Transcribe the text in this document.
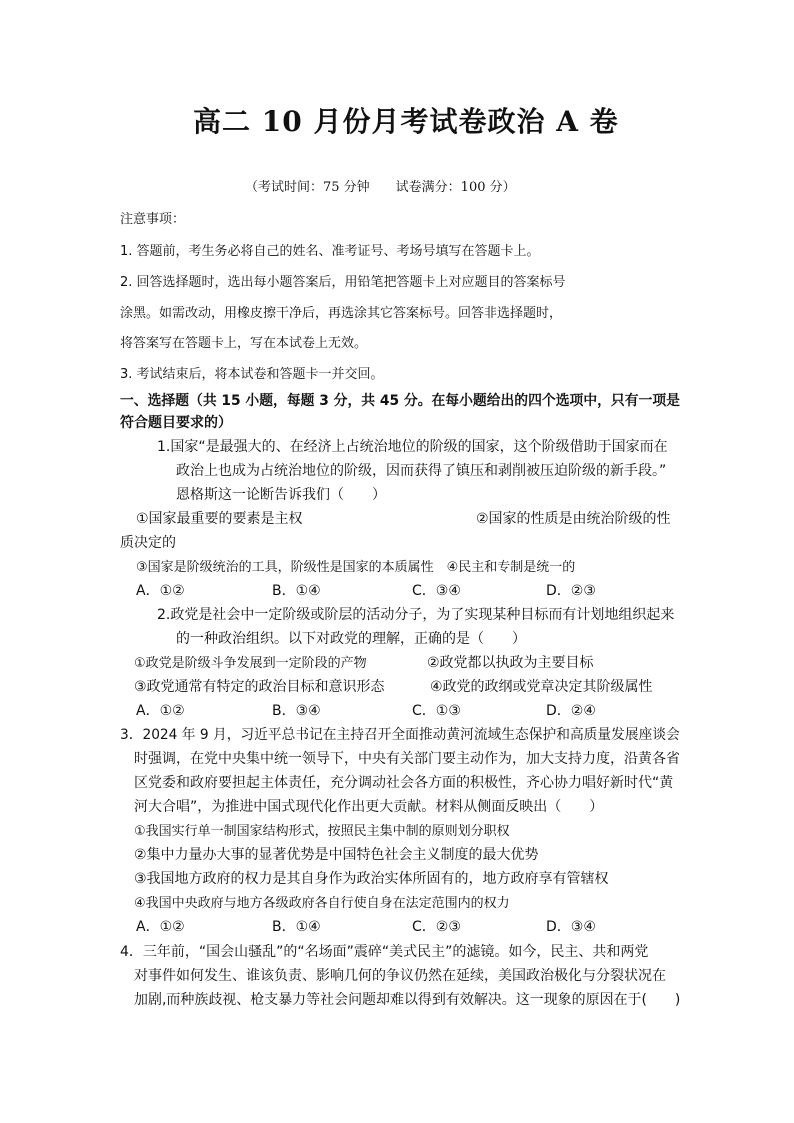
高二 10 月份月考试卷政治 A 卷
（考试时间：75 分钟　　试卷满分：100 分）
注意事项：
1. 答题前，考生务必将自己的姓名、准考证号、考场号填写在答题卡上。
2. 回答选择题时，选出每小题答案后，用铅笔把答题卡上对应题目的答案标号
涂黑。如需改动，用橡皮擦干净后，再选涂其它答案标号。回答非选择题时，
将答案写在答题卡上，写在本试卷上无效。
3. 考试结束后，将本试卷和答题卡一并交回。
一、选择题（共 15 小题，每题 3 分，共 45 分。在每小题给出的四个选项中，只有一项是
符合题目要求的）
1.国家“是最强大的、在经济上占统治地位的阶级的国家，这个阶级借助于国家而在
政治上也成为占统治地位的阶级，因而获得了镇压和剥削被压迫阶级的新手段。”
恩格斯这一论断告诉我们（　　）
①国家最重要的要素是主权	②国家的性质是由统治阶级的性
质决定的
③国家是阶级统治的工具，阶级性是国家的本质属性　④民主和专制是统一的
A．①②	B．①④	C．③④	D．②③
2.政党是社会中一定阶级或阶层的活动分子，为了实现某种目标而有计划地组织起来
的一种政治组织。以下对政党的理解，正确的是（　　）
①政党是阶级斗争发展到一定阶段的产物	②政党都以执政为主要目标
③政党通常有特定的政治目标和意识形态	④政党的政纲或党章决定其阶级属性
A．①②	B．③④	C．①③	D．②④
3．2024 年 9 月，习近平总书记在主持召开全面推动黄河流域生态保护和高质量发展座谈会
时强调，在党中央集中统一领导下，中央有关部门要主动作为，加大支持力度，沿黄各省
区党委和政府要担起主体责任，充分调动社会各方面的积极性，齐心协力唱好新时代“黄
河大合唱”，为推进中国式现代化作出更大贡献。材料从侧面反映出（　　）
①我国实行单一制国家结构形式，按照民主集中制的原则划分职权
②集中力量办大事的显著优势是中国特色社会主义制度的最大优势
③我国地方政府的权力是其自身作为政治实体所固有的，地方政府享有管辖权
④我国中央政府与地方各级政府各自行使自身在法定范围内的权力
A．①②	B．①④	C．②③	D．③④
4．三年前，“国会山骚乱”的“名场面”震碎“美式民主”的滤镜。如今，民主、共和两党
对事件如何发生、谁该负责、影响几何的争议仍然在延续，美国政治极化与分裂状况在
加剧,而种族歧视、枪支暴力等社会问题却难以得到有效解决。这一现象的原因在于(　　)
